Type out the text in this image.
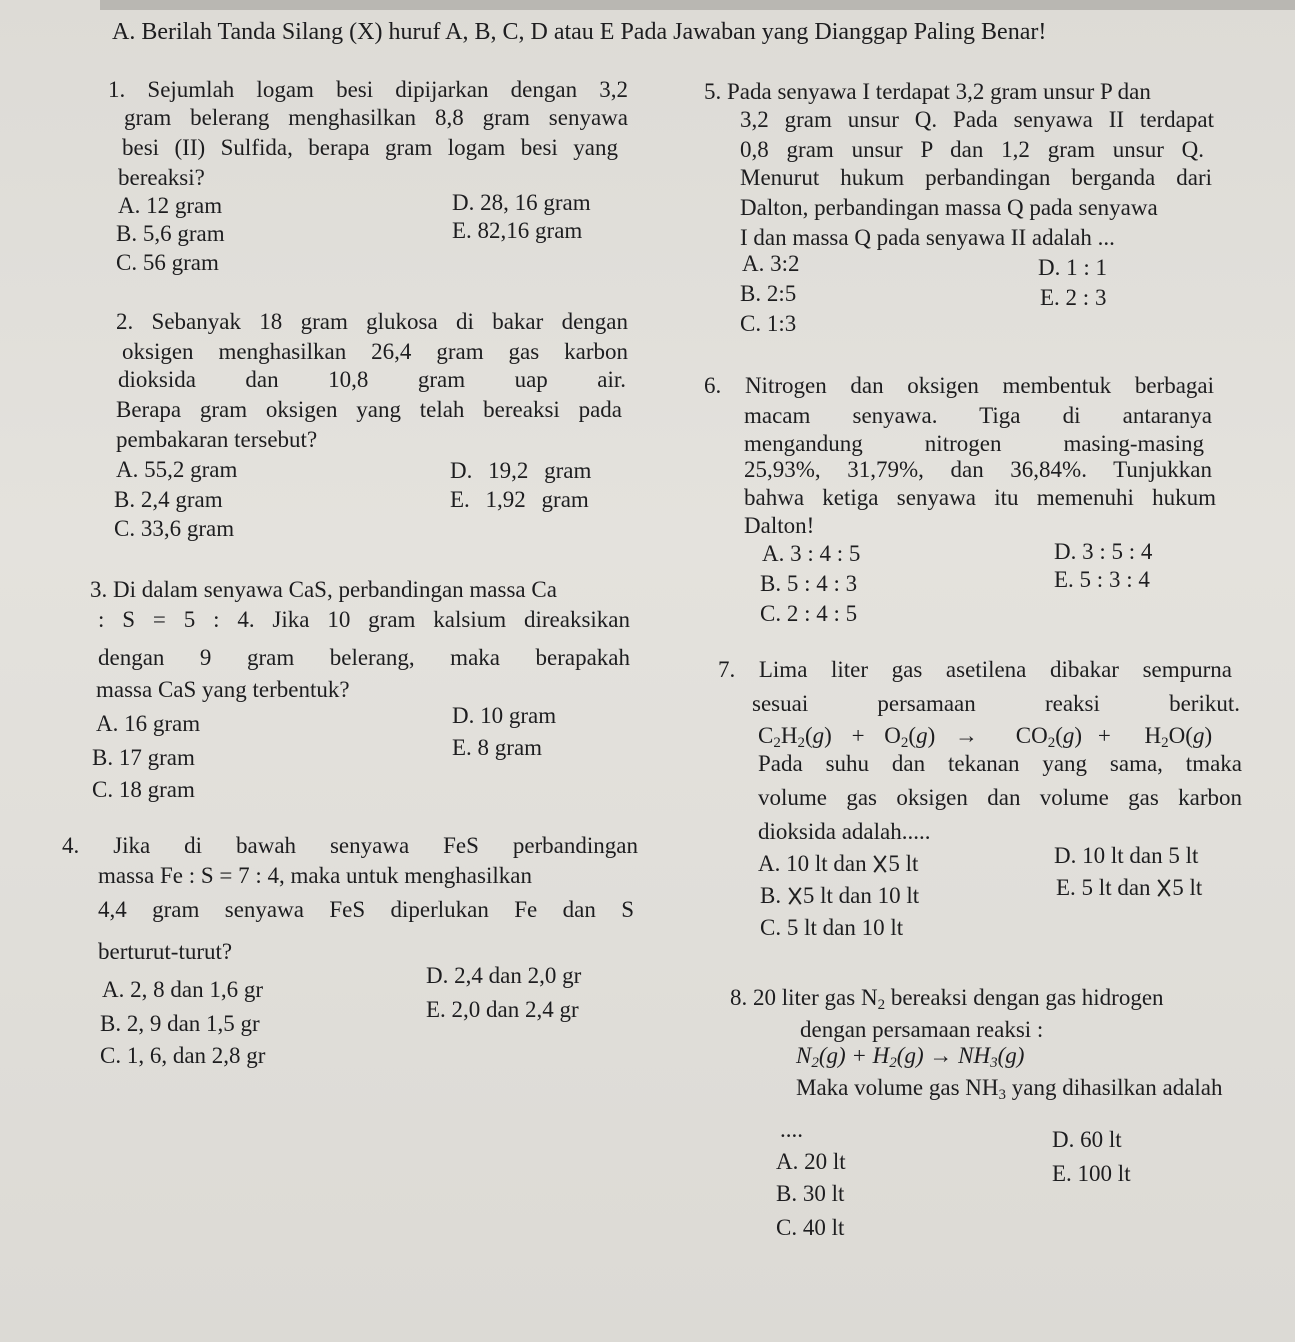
A. Berilah Tanda Silang (X) huruf A, B, C, D atau E Pada Jawaban yang Dianggap Paling Benar!
1. Sejumlah logam besi dipijarkan dengan 3,2
gram belerang menghasilkan 8,8 gram senyawa
besi (II) Sulfida, berapa gram logam besi yang
bereaksi?
A. 12 gram
B. 5,6 gram
C. 56 gram
D. 28, 16 gram
E. 82,16 gram
2. Sebanyak 18 gram glukosa di bakar dengan
oksigen menghasilkan 26,4 gram gas karbon
dioksida dan 10,8 gram uap air.
Berapa gram oksigen yang telah bereaksi pada
pembakaran tersebut?
A. 55,2 gram
B. 2,4 gram
C. 33,6 gram
D. 19,2 gram
E. 1,92 gram
3. Di dalam senyawa CaS, perbandingan massa Ca
: S = 5 : 4. Jika 10 gram kalsium direaksikan
dengan 9 gram belerang, maka berapakah
massa CaS yang terbentuk?
A. 16 gram
B. 17 gram
C. 18 gram
D. 10 gram
E. 8 gram
4. Jika di bawah senyawa FeS perbandingan
massa Fe : S = 7 : 4, maka untuk menghasilkan
4,4 gram senyawa FeS diperlukan Fe dan S
berturut-turut?
A. 2, 8 dan 1,6 gr
B. 2, 9 dan 1,5 gr
C. 1, 6, dan 2,8 gr
D. 2,4 dan 2,0 gr
E. 2,0 dan 2,4 gr
5. Pada senyawa I terdapat 3,2 gram unsur P dan
3,2 gram unsur Q. Pada senyawa II terdapat
0,8 gram unsur P dan 1,2 gram unsur Q.
Menurut hukum perbandingan berganda dari
Dalton, perbandingan massa Q pada senyawa
I dan massa Q pada senyawa II adalah ...
A. 3:2
B. 2:5
C. 1:3
D. 1 : 1
E. 2 : 3
6. Nitrogen dan oksigen membentuk berbagai
macam senyawa. Tiga di antaranya
mengandung nitrogen masing-masing
25,93%, 31,79%, dan 36,84%. Tunjukkan
bahwa ketiga senyawa itu memenuhi hukum
Dalton!
A. 3 : 4 : 5
B. 5 : 4 : 3
C. 2 : 4 : 5
D. 3 : 5 : 4
E. 5 : 3 : 4
7. Lima liter gas asetilena dibakar sempurna
sesuai persamaan reaksi berikut.
$C_2H_2(g) + O_2(g) \to CO_2(g) + H_2O(g)$
Pada suhu dan tekanan yang sama, tmaka
volume gas oksigen dan volume gas karbon
dioksida adalah.....
A. 10 lt dan 5 lt
B. 5 lt dan 10 lt
C. 5 lt dan 10 lt
D. 10 lt dan 5 lt
E. 5 lt dan 5 lt
8. 20 liter gas $N_2$ bereaksi dengan gas hidrogen
dengan persamaan reaksi :
$N_2(g) + H_2(g) \to NH_3(g)$
Maka volume gas $NH_3$ yang dihasilkan adalah
....
A. 20 lt
B. 30 lt
C. 40 lt
D. 60 lt
E. 100 lt
